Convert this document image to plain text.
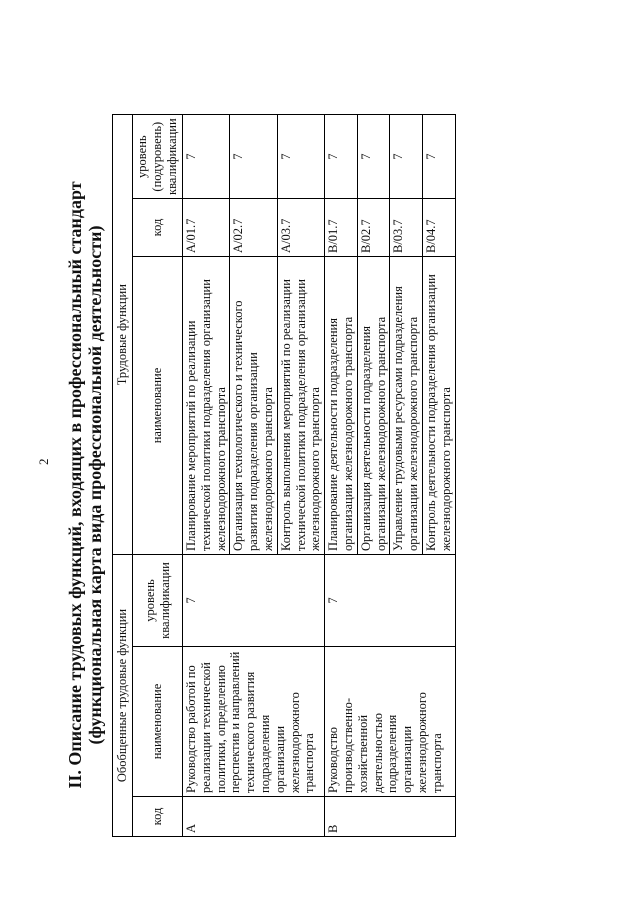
2 II. Описание трудовых функций, входящих в профессиональный стандарт (функциональная карта вида профессиональной деятельности) Обобщенные трудовые функции			Трудовые функции		
код	наименование	уровень квалификации	наименование	код	уровень (подуровень) квалификации
А	Руководство работой по реализации технической политики, определению перспектив и направлений технического развития подразделения организации железнодорожного транспорта	7	Планирование мероприятий по реализации технической политики подразделения организации железнодорожного транспорта	А/01.7	7
			Организация технологического и технического развития подразделения организации железнодорожного транспорта	А/02.7	7
			Контроль выполнения мероприятий по реализации технической политики подразделения организации железнодорожного транспорта	А/03.7	7
В	Руководство производственно-хозяйственной деятельностью подразделения организации железнодорожного транспорта	7	Планирование деятельности подразделения организации железнодорожного транспорта	В/01.7	7
			Организация деятельности подразделения организации железнодорожного транспорта	В/02.7	7
			Управление трудовыми ресурсами подразделения организации железнодорожного транспорта	В/03.7	7
			Контроль деятельности подразделения организации железнодорожного транспорта	В/04.7	7
